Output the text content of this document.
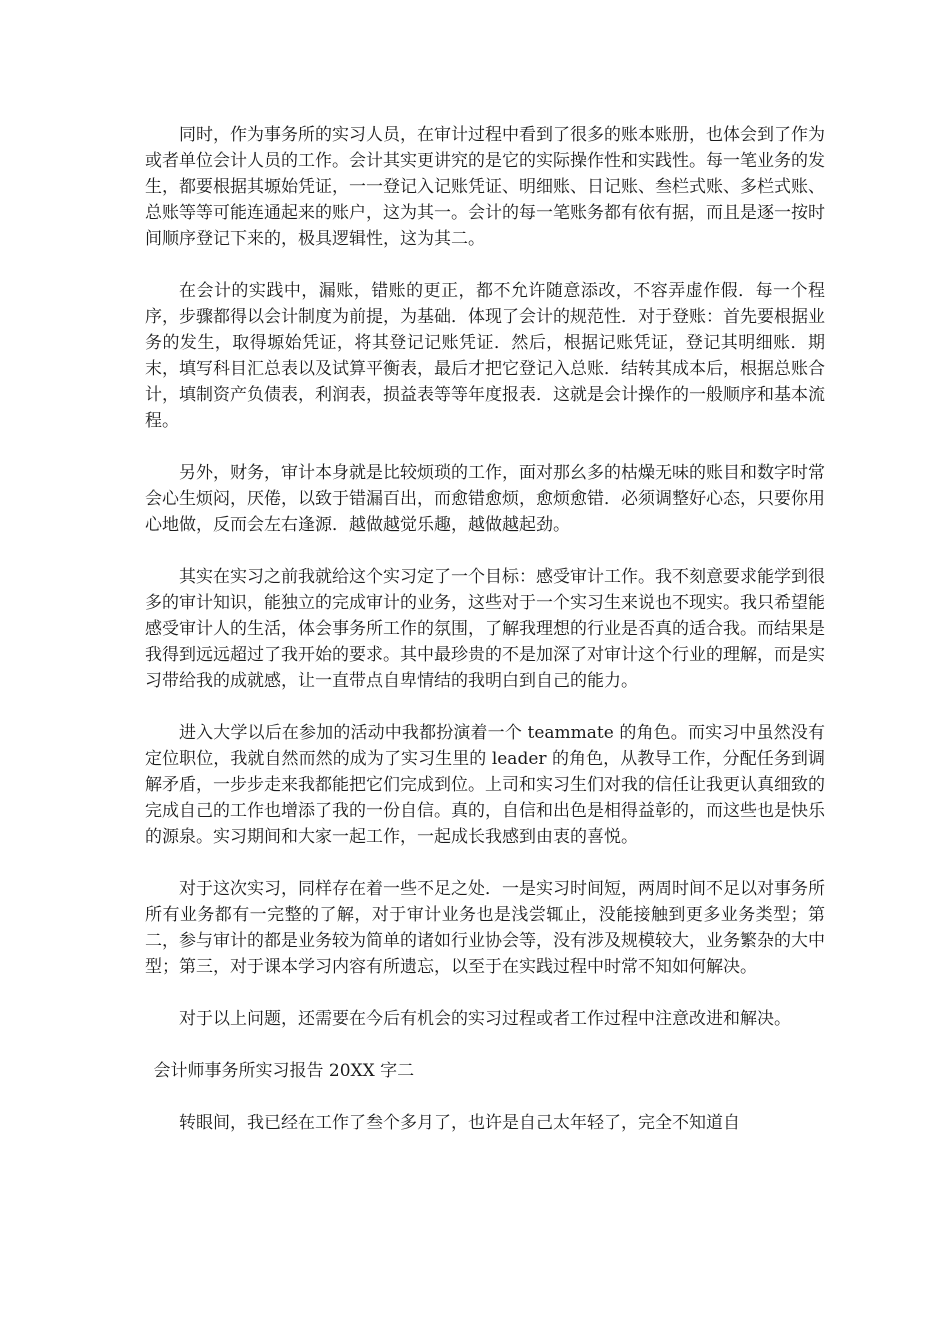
同时，作为事务所的实习人员，在审计过程中看到了很多的账本账册，也体会到了作为或者单位会计人员的工作。会计其实更讲究的是它的实际操作性和实践性。每一笔业务的发生，都要根据其塬始凭证，一一登记入记账凭证、明细账、日记账、叁栏式账、多栏式账、总账等等可能连通起来的账户，这为其一。会计的每一笔账务都有依有据，而且是逐一按时间顺序登记下来的，极具逻辑性，这为其二。

在会计的实践中，漏账，错账的更正，都不允许随意添改，不容弄虚作假．每一个程序，步骤都得以会计制度为前提，为基础．体现了会计的规范性．对于登账：首先要根据业务的发生，取得塬始凭证，将其登记记账凭证．然后，根据记账凭证，登记其明细账．期末，填写科目汇总表以及试算平衡表，最后才把它登记入总账．结转其成本后，根据总账合计，填制资产负债表，利润表，损益表等等年度报表．这就是会计操作的一般顺序和基本流程。

另外，财务，审计本身就是比较烦琐的工作，面对那幺多的枯燥无味的账目和数字时常会心生烦闷，厌倦，以致于错漏百出，而愈错愈烦，愈烦愈错．必须调整好心态，只要你用心地做，反而会左右逢源．越做越觉乐趣，越做越起劲。

其实在实习之前我就给这个实习定了一个目标：感受审计工作。我不刻意要求能学到很多的审计知识，能独立的完成审计的业务，这些对于一个实习生来说也不现实。我只希望能感受审计人的生活，体会事务所工作的氛围，了解我理想的行业是否真的适合我。而结果是我得到远远超过了我开始的要求。其中最珍贵的不是加深了对审计这个行业的理解，而是实习带给我的成就感，让一直带点自卑情结的我明白到自己的能力。

进入大学以后在参加的活动中我都扮演着一个 teammate 的角色。而实习中虽然没有定位职位，我就自然而然的成为了实习生里的 leader 的角色，从教导工作，分配任务到调解矛盾，一步步走来我都能把它们完成到位。上司和实习生们对我的信任让我更认真细致的完成自己的工作也增添了我的一份自信。真的，自信和出色是相得益彰的，而这些也是快乐的源泉。实习期间和大家一起工作，一起成长我感到由衷的喜悦。

对于这次实习，同样存在着一些不足之处．一是实习时间短，两周时间不足以对事务所所有业务都有一完整的了解，对于审计业务也是浅尝辄止，没能接触到更多业务类型；第二，参与审计的都是业务较为简单的诸如行业协会等，没有涉及规模较大，业务繁杂的大中型；第三，对于课本学习内容有所遗忘，以至于在实践过程中时常不知如何解决。

对于以上问题，还需要在今后有机会的实习过程或者工作过程中注意改进和解决。

会计师事务所实习报告 20XX 字二

转眼间，我已经在工作了叁个多月了，也许是自己太年轻了，完全不知道自
